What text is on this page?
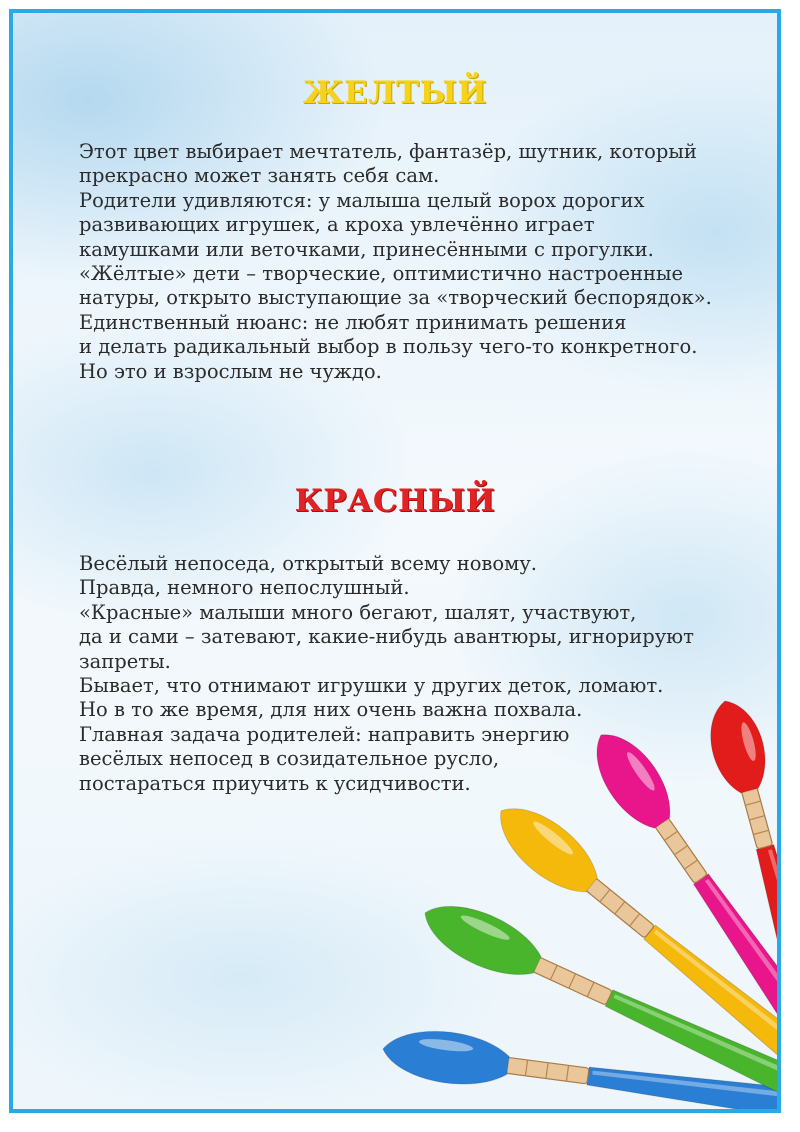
ЖЕЛТЫЙ
Этот цвет выбирает мечтатель, фантазёр, шутник, который
прекрасно может занять себя сам.
Родители удивляются: у малыша целый ворох дорогих
развивающих игрушек, а кроха увлечённо играет
камушками или веточками, принесёнными с прогулки.
«Жёлтые» дети – творческие, оптимистично настроенные
натуры, открыто выступающие за «творческий беспорядок».
Единственный нюанс: не любят принимать решения
и делать радикальный выбор в пользу чего-то конкретного.
Но это и взрослым не чуждо.
КРАСНЫЙ
Весёлый непоседа, открытый всему новому.
Правда, немного непослушный.
«Красные» малыши много бегают, шалят, участвуют,
да и сами – затевают, какие-нибудь авантюры, игнорируют
запреты.
Бывает, что отнимают игрушки у других деток, ломают.
Но в то же время, для них очень важна похвала.
Главная задача родителей: направить энергию
весёлых непосед в созидательное русло,
постараться приучить к усидчивости.
